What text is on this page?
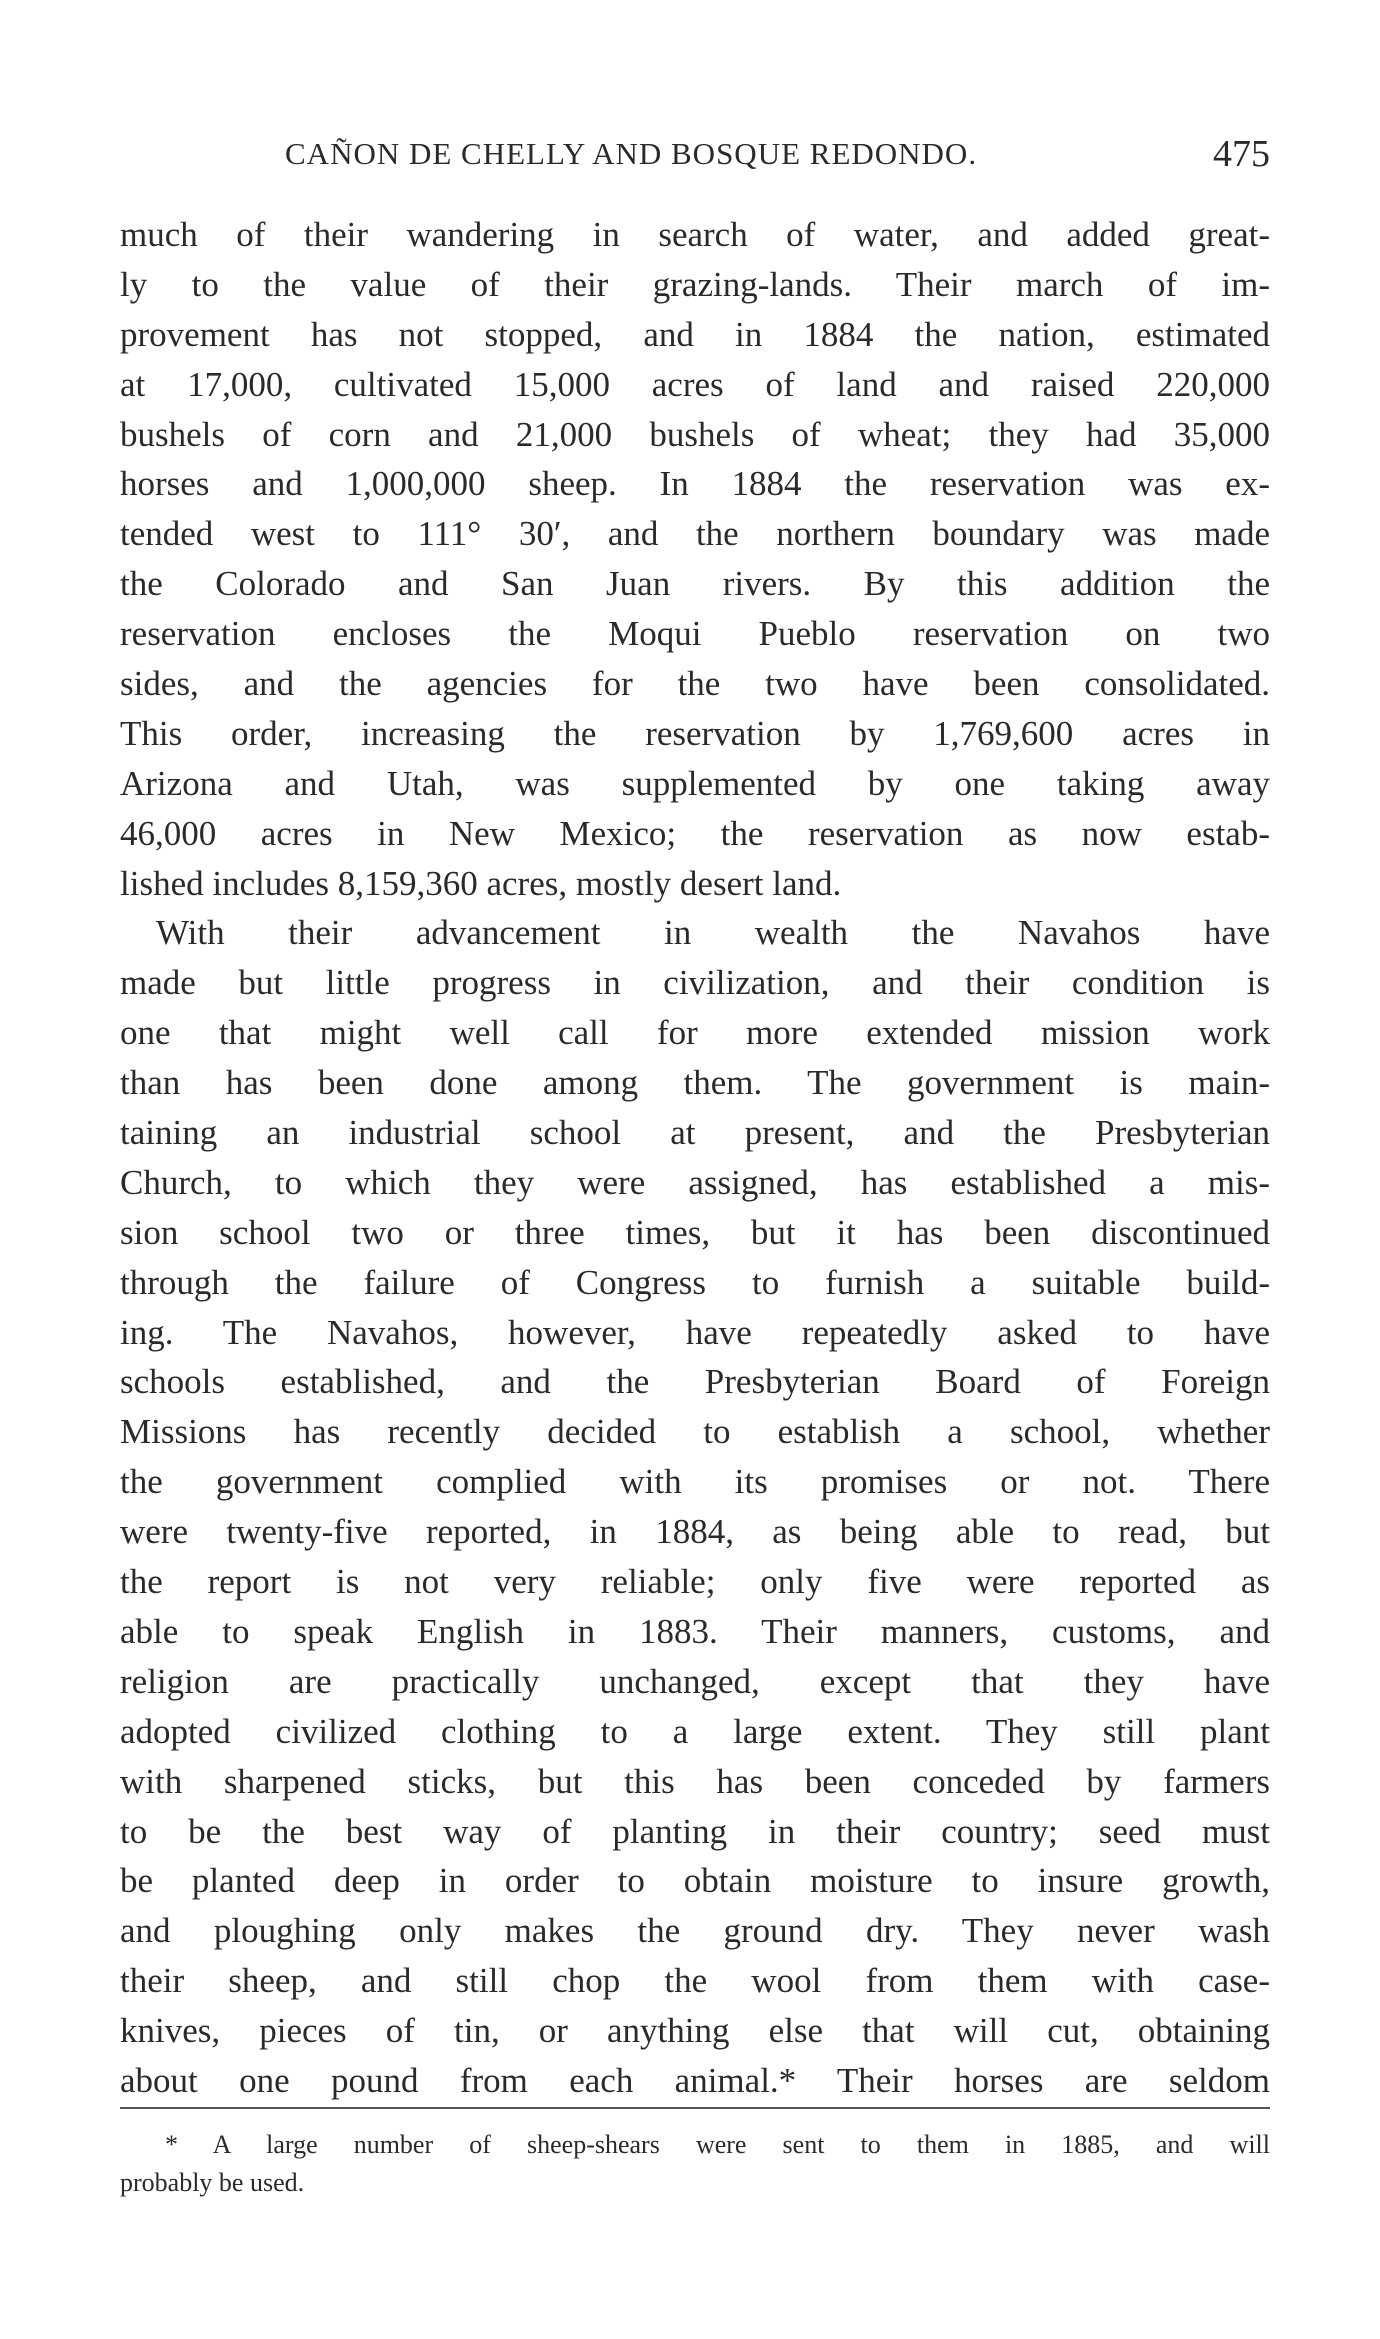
CAÑON DE CHELLY AND BOSQUE REDONDO.	475
much of their wandering in search of water, and added great-
ly to the value of their grazing-lands. Their march of im-
provement has not stopped, and in 1884 the nation, estimated
at 17,000, cultivated 15,000 acres of land and raised 220,000
bushels of corn and 21,000 bushels of wheat; they had 35,000
horses and 1,000,000 sheep. In 1884 the reservation was ex-
tended west to 111° 30′, and the northern boundary was made
the Colorado and San Juan rivers. By this addition the
reservation encloses the Moqui Pueblo reservation on two
sides, and the agencies for the two have been consolidated.
This order, increasing the reservation by 1,769,600 acres in
Arizona and Utah, was supplemented by one taking away
46,000 acres in New Mexico; the reservation as now estab-
lished includes 8,159,360 acres, mostly desert land.
With their advancement in wealth the Navahos have
made but little progress in civilization, and their condition is
one that might well call for more extended mission work
than has been done among them. The government is main-
taining an industrial school at present, and the Presbyterian
Church, to which they were assigned, has established a mis-
sion school two or three times, but it has been discontinued
through the failure of Congress to furnish a suitable build-
ing. The Navahos, however, have repeatedly asked to have
schools established, and the Presbyterian Board of Foreign
Missions has recently decided to establish a school, whether
the government complied with its promises or not. There
were twenty-five reported, in 1884, as being able to read, but
the report is not very reliable; only five were reported as
able to speak English in 1883. Their manners, customs, and
religion are practically unchanged, except that they have
adopted civilized clothing to a large extent. They still plant
with sharpened sticks, but this has been conceded by farmers
to be the best way of planting in their country; seed must
be planted deep in order to obtain moisture to insure growth,
and ploughing only makes the ground dry. They never wash
their sheep, and still chop the wool from them with case-
knives, pieces of tin, or anything else that will cut, obtaining
about one pound from each animal.* Their horses are seldom
* A large number of sheep-shears were sent to them in 1885, and will
probably be used.
